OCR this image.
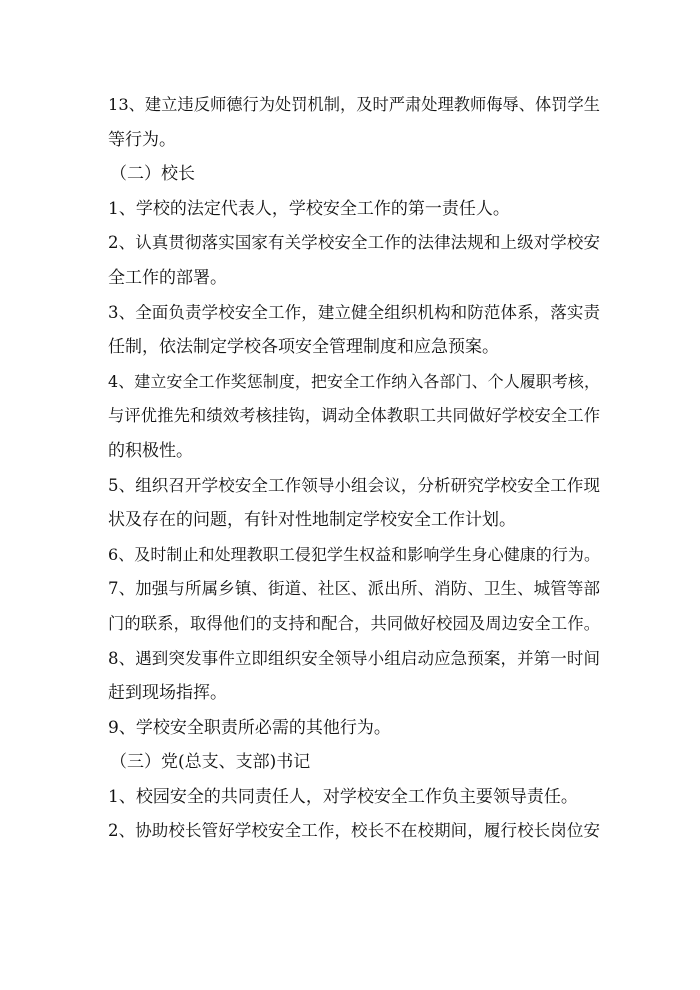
13、建立违反师德行为处罚机制，及时严肃处理教师侮辱、体罚学生

等行为。

（二）校长

1、学校的法定代表人，学校安全工作的第一责任人。

2、认真贯彻落实国家有关学校安全工作的法律法规和上级对学校安

全工作的部署。

3、全面负责学校安全工作，建立健全组织机构和防范体系，落实责

任制，依法制定学校各项安全管理制度和应急预案。

4、建立安全工作奖惩制度，把安全工作纳入各部门、个人履职考核，

与评优推先和绩效考核挂钩，调动全体教职工共同做好学校安全工作

的积极性。

5、组织召开学校安全工作领导小组会议，分析研究学校安全工作现

状及存在的问题，有针对性地制定学校安全工作计划。

6、及时制止和处理教职工侵犯学生权益和影响学生身心健康的行为。

7、加强与所属乡镇、街道、社区、派出所、消防、卫生、城管等部

门的联系，取得他们的支持和配合，共同做好校园及周边安全工作。

8、遇到突发事件立即组织安全领导小组启动应急预案，并第一时间

赶到现场指挥。

9、学校安全职责所必需的其他行为。

（三）党(总支、支部)书记

1、校园安全的共同责任人，对学校安全工作负主要领导责任。

2、协助校长管好学校安全工作，校长不在校期间，履行校长岗位安
